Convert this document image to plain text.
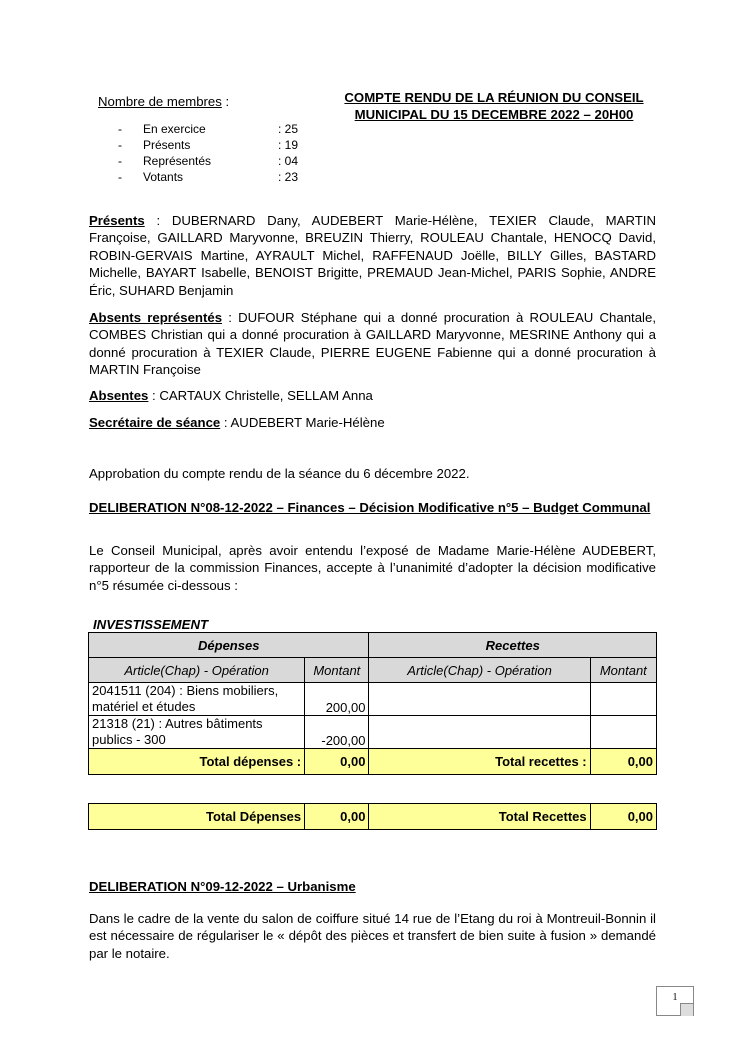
Nombre de membres :
-	En exercice	: 25
-	Présents	: 19
-	Représentés	: 04
-	Votants	: 23
COMPTE RENDU DE LA RÉUNION DU CONSEIL
MUNICIPAL DU 15 DECEMBRE 2022 – 20H00

Présents : DUBERNARD Dany, AUDEBERT Marie-Hélène, TEXIER Claude, MARTIN Françoise, GAILLARD Maryvonne, BREUZIN Thierry, ROULEAU Chantale, HENOCQ David, ROBIN-GERVAIS Martine, AYRAULT Michel, RAFFENAUD Joëlle, BILLY Gilles, BASTARD Michelle, BAYART Isabelle, BENOIST Brigitte, PREMAUD Jean-Michel, PARIS Sophie, ANDRE Éric, SUHARD Benjamin

Absents représentés : DUFOUR Stéphane qui a donné procuration à ROULEAU Chantale, COMBES Christian qui a donné procuration à GAILLARD Maryvonne, MESRINE Anthony qui a donné procuration à TEXIER Claude, PIERRE EUGENE Fabienne qui a donné procuration à MARTIN Françoise

Absentes : CARTAUX Christelle, SELLAM Anna

Secrétaire de séance : AUDEBERT Marie-Hélène

Approbation du compte rendu de la séance du 6 décembre 2022.

DELIBERATION N°08-12-2022 – Finances – Décision Modificative n°5 – Budget Communal
Le Conseil Municipal, après avoir entendu l’exposé de Madame Marie-Hélène AUDEBERT, rapporteur de la commission Finances, accepte à l’unanimité d’adopter la décision modificative n°5 résumée ci-dessous :
INVESTISSEMENT
Dépenses		Recettes	
Article(Chap) - Opération	Montant	Article(Chap) - Opération	Montant
2041511 (204) : Biens mobiliers, matériel et études	200,00		
21318 (21) : Autres bâtiments publics - 300	-200,00		
Total dépenses :	0,00	Total recettes :	0,00
Total Dépenses	0,00	Total Recettes	0,00
DELIBERATION N°09-12-2022 – Urbanisme
Dans le cadre de la vente du salon de coiffure situé 14 rue de l’Etang du roi à Montreuil-Bonnin il est nécessaire de régulariser le « dépôt des pièces et transfert de bien suite à fusion » demandé par le notaire.
1
